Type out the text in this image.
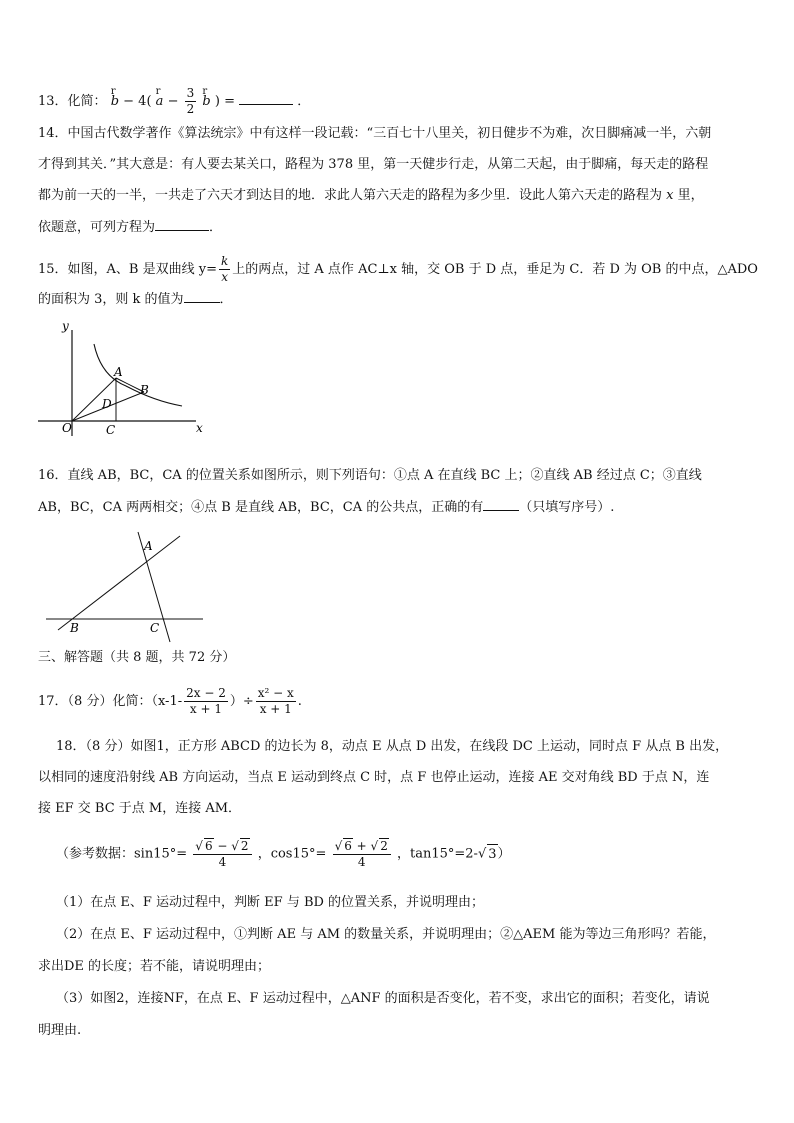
13．化简：
r
b − 4(
r
$a - \frac{3}{2}$
r
b ) =	．
14．中国古代数学著作《算法统宗》中有这样一段记载：“三百七十八里关，初日健步不为难，次日脚痛减一半，六朝
才得到其关．”其大意是：有人要去某关口，路程为 378 里，第一天健步行走，从第二天起，由于脚痛，每天走的路程
都为前一天的一半，一共走了六天才到达目的地．求此人第六天走的路程为多少里．设此人第六天走的路程为 x 里，
依题意，可列方程为	．
15．如图，A、B 是双曲线 $y= \frac{k}{x}$ 上的两点，过 A 点作 AC⊥x 轴，交 OB 于 D 点，垂足为 C．若 D 为 OB 的中点，△ADO
的面积为 3，则 k 的值为	．
y
x
O
A
B
D
C
16．直线 AB，BC，CA 的位置关系如图所示，则下列语句：①点 A 在直线 BC 上；②直线 AB 经过点 C；③直线
AB，BC，CA 两两相交；④点 B 是直线 AB，BC，CA 的公共点，正确的有	（只填写序号）.
A
B	C
三、解答题（共 8 题，共 72 分）
17．（8 分）化简：（$x-1- \frac{2x - 2}{x + 1}$ ）÷ $\frac{\text{x² − x}}{x + 1}$ .
18．（8 分）如图1，正方形 ABCD 的边长为 8，动点 E 从点 D 出发，在线段 DC 上运动，同时点 F 从点 B 出发，
以相同的速度沿射线 AB 方向运动，当点 E 运动到终点 C 时，点 F 也停止运动，连接 AE 交对角线 BD 于点 N，连
接 EF 交 BC 于点 M，连接 AM．
（参考数据：$\sin 15^\circ= \frac{√ 6 - √ 2}{4}$ ，$\cos 15^\circ= \frac{√ 6 + √ 2}{4}$ ，tan15°=2-√ 3）
（1）在点 E、F 运动过程中，判断 EF 与 BD 的位置关系，并说明理由；
（2）在点 E、F 运动过程中，①判断 AE 与 AM 的数量关系，并说明理由；②△AEM 能为等边三角形吗？若能，
求出DE 的长度；若不能，请说明理由；
（3）如图2，连接NF，在点 E、F 运动过程中，△ANF 的面积是否变化，若不变，求出它的面积；若变化，请说
明理由.
